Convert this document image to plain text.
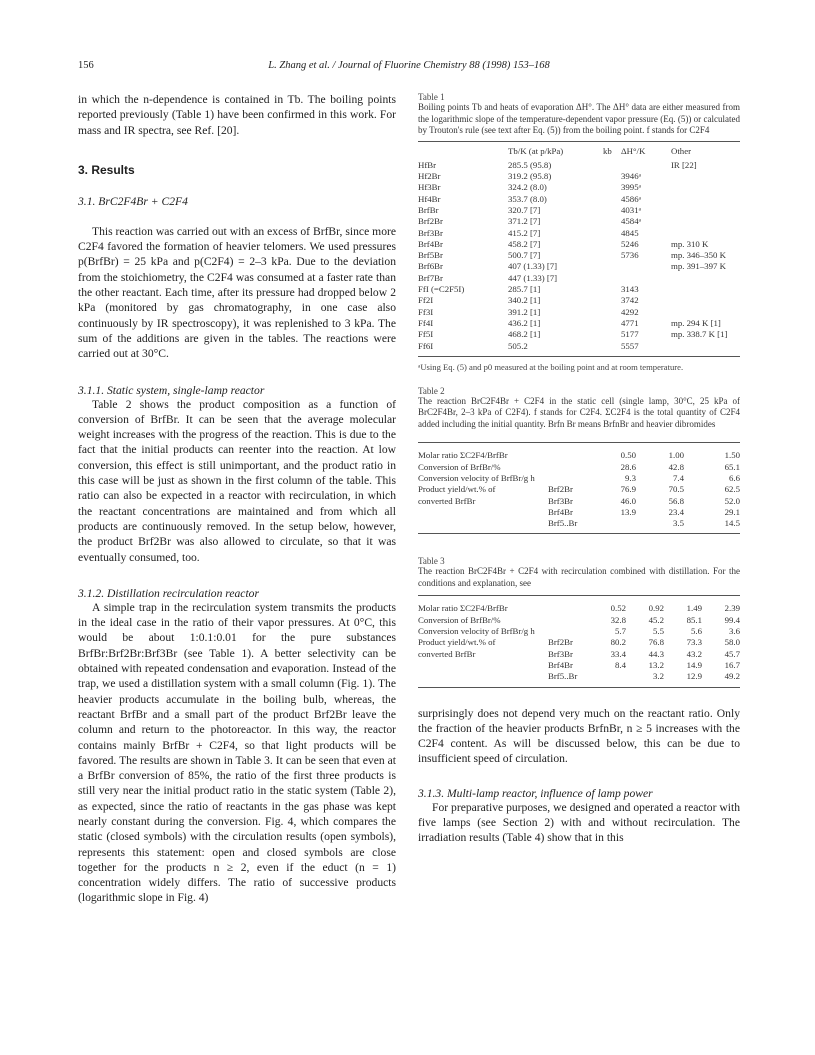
156	L. Zhang et al. / Journal of Fluorine Chemistry 88 (1998) 153–168

in which the n-dependence is contained in Tb. The boiling points reported previously (Table 1) have been confirmed in this work. For mass and IR spectra, see Ref. [20].

3. Results
3.1. BrC2F4Br + C2F4

This reaction was carried out with an excess of BrfBr, since more C2F4 favored the formation of heavier telomers. We used pressures p(BrfBr) = 25 kPa and p(C2F4) = 2–3 kPa. Due to the deviation from the stoichiometry, the C2F4 was consumed at a faster rate than the other reactant. Each time, after its pressure had dropped below 2 kPa (monitored by gas chromatography, in one case also continuously by IR spectroscopy), it was replenished to 3 kPa. The sum of the additions are given in the tables. The reactions were carried out at 30°C.

3.1.1. Static system, single-lamp reactor

Table 2 shows the product composition as a function of conversion of BrfBr. It can be seen that the average molecular weight increases with the progress of the reaction. This is due to the fact that the initial products can reenter into the reaction. At low conversion, this effect is still unimportant, and the product ratio in this case will be just as shown in the first column of the table. This ratio can also be expected in a reactor with recirculation, in which the reactant concentrations are maintained and from which all products are continuously removed. In the setup below, however, the product Brf2Br was also allowed to circulate, so that it was eventually consumed, too.

3.1.2. Distillation recirculation reactor

A simple trap in the recirculation system transmits the products in the ideal case in the ratio of their vapor pressures. At 0°C, this would be about 1:0.1:0.01 for the pure substances BrfBr:Brf2Br:Brf3Br (see Table 1). A better selectivity can be obtained with repeated condensation and evaporation. Instead of the trap, we used a distillation system with a small column (Fig. 1). The heavier products accumulate in the boiling bulb, whereas, the reactant BrfBr and a small part of the product Brf2Br leave the column and return to the photoreactor. In this way, the reactor contains mainly BrfBr + C2F4, so that light products will be favored. The results are shown in Table 3. It can be seen that even at a BrfBr conversion of 85%, the ratio of the first three products is still very near the initial product ratio in the static system (Table 2), as expected, since the ratio of reactants in the gas phase was kept nearly constant during the conversion. Fig. 4, which compares the static (closed symbols) with the circulation results (open symbols), represents this statement: open and closed symbols are close together for the products n ≥ 2, even if the educt (n = 1) concentration widely differs. The ratio of successive products (logarithmic slope in Fig. 4)

Table 1
Boiling points Tb and heats of evaporation ΔH°. The ΔH° data are either measured from the logarithmic slope of the temperature-dependent vapor pressure (Eq. (5)) or calculated by Trouton's rule (see text after Eq. (5)) from the boiling point. f stands for C2F4
	Tb/K (at p/kPa)	kb	ΔH°/K	Other
HfBr	285.5 (95.8)			IR [22]
Hf2Br	319.2 (95.8)		3946ᵃ	
Hf3Br	324.2 (8.0)		3995ᵃ	
Hf4Br	353.7 (8.0)		4586ᵃ	
BrfBr	320.7 [7]		4031ᵃ	
Brf2Br	371.2 [7]		4584ᵃ	
Brf3Br	415.2 [7]		4845	
Brf4Br	458.2 [7]		5246	mp. 310 K
Brf5Br	500.7 [7]		5736	mp. 346–350 K
Brf6Br	407 (1.33) [7]			mp. 391–397 K
Brf7Br	447 (1.33) [7]			
FfI (=C2F5I)	285.7 [1]		3143	
Ff2I	340.2 [1]		3742	
Ff3I	391.2 [1]		4292	
Ff4I	436.2 [1]		4771	mp. 294 K [1]
Ff5I	468.2 [1]		5177	mp. 338.7 K [1]
Ff6I	505.2		5557	
ᵃUsing Eq. (5) and p0 measured at the boiling point and at room temperature.
Table 2
The reaction BrC2F4Br + C2F4 in the static cell (single lamp, 30°C, 25 kPa of BrC2F4Br, 2–3 kPa of C2F4). f stands for C2F4. ΣC2F4 is the total quantity of C2F4 added including the initial quantity. Brfn Br means BrfnBr and heavier dibromides
Molar ratio ΣC2F4/BrfBr		0.50	1.00	1.50
Conversion of BrfBr/%		28.6	42.8	65.1
Conversion velocity of BrfBr/g h		9.3	7.4	6.6
Product yield/wt.% of	Brf2Br	76.9	70.5	62.5
converted BrfBr	Brf3Br	46.0	56.8	52.0
	Brf4Br	13.9	23.4	29.1
	Brf5..Br		3.5	14.5
Table 3
The reaction BrC2F4Br + C2F4 with recirculation combined with distillation. For the conditions and explanation, see
Molar ratio ΣC2F4/BrfBr		0.52	0.92	1.49	2.39
Conversion of BrfBr/%		32.8	45.2	85.1	99.4
Conversion velocity of BrfBr/g h		5.7	5.5	5.6	3.6
Product yield/wt.% of	Brf2Br	80.2	76.8	73.3	58.0
converted BrfBr	Brf3Br	33.4	44.3	43.2	45.7
	Brf4Br	8.4	13.2	14.9	16.7
	Brf5..Br		3.2	12.9	49.2

surprisingly does not depend very much on the reactant ratio. Only the fraction of the heavier products BrfnBr, n ≥ 5 increases with the C2F4 content. As will be discussed below, this can be due to insufficient speed of circulation.

3.1.3. Multi-lamp reactor, influence of lamp power

For preparative purposes, we designed and operated a reactor with five lamps (see Section 2) with and without recirculation. The irradiation results (Table 4) show that in this
